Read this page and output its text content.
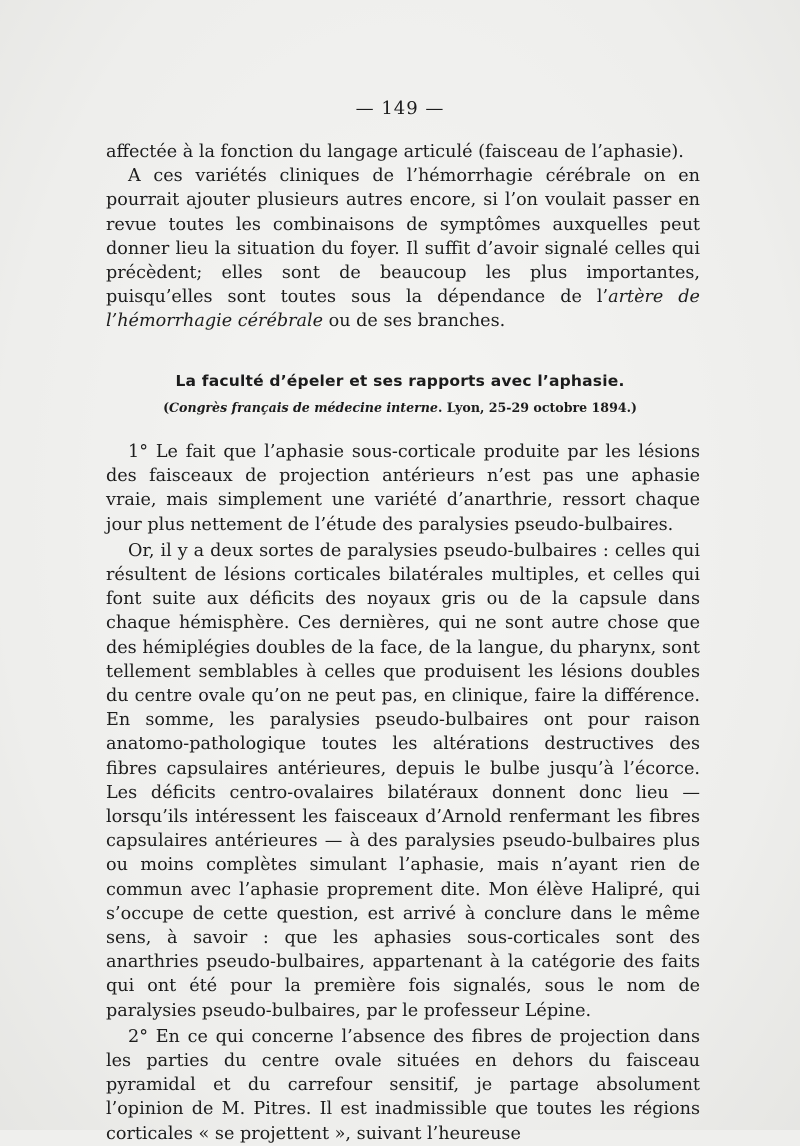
— 149 —

affectée à la fonction du langage articulé (faisceau de l’aphasie).

A ces variétés cliniques de l’hémorrhagie cérébrale on en pourrait ajouter plusieurs autres encore, si l’on voulait passer en revue toutes les combinaisons de symptômes auxquelles peut donner lieu la situation du foyer. Il suffit d’avoir signalé celles qui précèdent; elles sont de beaucoup les plus importantes, puisqu’elles sont toutes sous la dépendance de l’artère de l’hémorrhagie cérébrale ou de ses branches.

La faculté d’épeler et ses rapports avec l’aphasie.
(Congrès français de médecine interne. Lyon, 25-29 octobre 1894.)

1° Le fait que l’aphasie sous-corticale produite par les lésions des faisceaux de projection antérieurs n’est pas une aphasie vraie, mais simplement une variété d’anarthrie, ressort chaque jour plus nettement de l’étude des paralysies pseudo-bulbaires.

Or, il y a deux sortes de paralysies pseudo-bulbaires : celles qui résultent de lésions corticales bilatérales multiples, et celles qui font suite aux déficits des noyaux gris ou de la capsule dans chaque hémisphère. Ces dernières, qui ne sont autre chose que des hémiplégies doubles de la face, de la langue, du pharynx, sont tellement semblables à celles que produisent les lésions doubles du centre ovale qu’on ne peut pas, en clinique, faire la différence. En somme, les paralysies pseudo-bulbaires ont pour raison anatomo-pathologique toutes les altérations destructives des fibres capsulaires antérieures, depuis le bulbe jusqu’à l’écorce. Les déficits centro-ovalaires bilatéraux donnent donc lieu — lorsqu’ils intéressent les faisceaux d’Arnold renfermant les fibres capsulaires antérieures — à des paralysies pseudo-bulbaires plus ou moins complètes simulant l’aphasie, mais n’ayant rien de commun avec l’aphasie proprement dite. Mon élève Halipré, qui s’occupe de cette question, est arrivé à conclure dans le même sens, à savoir : que les aphasies sous-corticales sont des anarthries pseudo-bulbaires, appartenant à la catégorie des faits qui ont été pour la première fois signalés, sous le nom de paralysies pseudo-bulbaires, par le professeur Lépine.

2° En ce qui concerne l’absence des fibres de projection dans les parties du centre ovale situées en dehors du faisceau pyramidal et du carrefour sensitif, je partage absolument l’opinion de M. Pitres. Il est inadmissible que toutes les régions corticales « se projettent », suivant l’heureuse
